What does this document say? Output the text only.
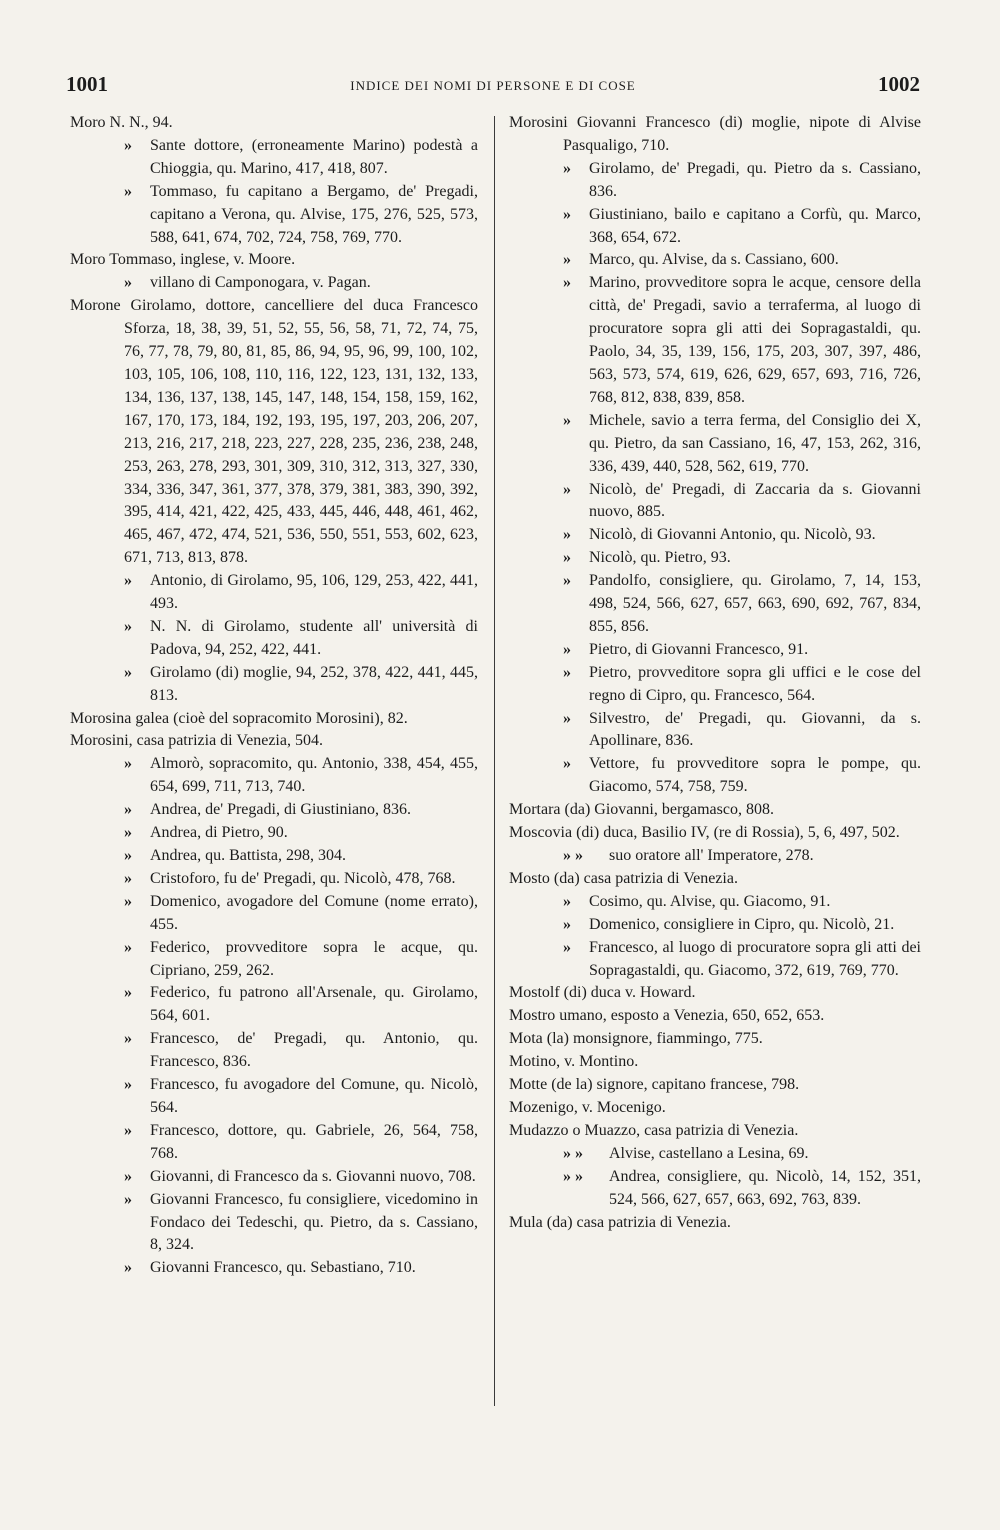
1001	INDICE DEI NOMI DI PERSONE E DI COSE	1002
Moro N. N., 94.
» Sante dottore, (erroneamente Marino) podestà a Chioggia, qu. Marino, 417, 418, 807.
» Tommaso, fu capitano a Bergamo, de' Pregadi, capitano a Verona, qu. Alvise, 175, 276, 525, 573, 588, 641, 674, 702, 724, 758, 769, 770.
Moro Tommaso, inglese, v. Moore.
» villano di Camponogara, v. Pagan.
Morone Girolamo, dottore, cancelliere del duca Francesco Sforza, 18, 38, 39, 51, 52, 55, 56, 58, 71, 72, 74, 75, 76, 77, 78, 79, 80, 81, 85, 86, 94, 95, 96, 99, 100, 102, 103, 105, 106, 108, 110, 116, 122, 123, 131, 132, 133, 134, 136, 137, 138, 145, 147, 148, 154, 158, 159, 162, 167, 170, 173, 184, 192, 193, 195, 197, 203, 206, 207, 213, 216, 217, 218, 223, 227, 228, 235, 236, 238, 248, 253, 263, 278, 293, 301, 309, 310, 312, 313, 327, 330, 334, 336, 347, 361, 377, 378, 379, 381, 383, 390, 392, 395, 414, 421, 422, 425, 433, 445, 446, 448, 461, 462, 465, 467, 472, 474, 521, 536, 550, 551, 553, 602, 623, 671, 713, 813, 878.
» Antonio, di Girolamo, 95, 106, 129, 253, 422, 441, 493.
» N. N. di Girolamo, studente all' università di Padova, 94, 252, 422, 441.
» Girolamo (di) moglie, 94, 252, 378, 422, 441, 445, 813.
Morosina galea (cioè del sopracomito Morosini), 82.
Morosini, casa patrizia di Venezia, 504.
» Almorò, sopracomito, qu. Antonio, 338, 454, 455, 654, 699, 711, 713, 740.
» Andrea, de' Pregadi, di Giustiniano, 836.
» Andrea, di Pietro, 90.
» Andrea, qu. Battista, 298, 304.
» Cristoforo, fu de' Pregadi, qu. Nicolò, 478, 768.
» Domenico, avogadore del Comune (nome errato), 455.
» Federico, provveditore sopra le acque, qu. Cipriano, 259, 262.
» Federico, fu patrono all'Arsenale, qu. Girolamo, 564, 601.
» Francesco, de' Pregadi, qu. Antonio, qu. Francesco, 836.
» Francesco, fu avogadore del Comune, qu. Nicolò, 564.
» Francesco, dottore, qu. Gabriele, 26, 564, 758, 768.
» Giovanni, di Francesco da s. Giovanni nuovo, 708.
» Giovanni Francesco, fu consigliere, vicedomino in Fondaco dei Tedeschi, qu. Pietro, da s. Cassiano, 8, 324.
» Giovanni Francesco, qu. Sebastiano, 710.
Morosini Giovanni Francesco (di) moglie, nipote di Alvise Pasqualigo, 710.
» Girolamo, de' Pregadi, qu. Pietro da s. Cassiano, 836.
» Giustiniano, bailo e capitano a Corfù, qu. Marco, 368, 654, 672.
» Marco, qu. Alvise, da s. Cassiano, 600.
» Marino, provveditore sopra le acque, censore della città, de' Pregadi, savio a terraferma, al luogo di procuratore sopra gli atti dei Sopragastaldi, qu. Paolo, 34, 35, 139, 156, 175, 203, 307, 397, 486, 563, 573, 574, 619, 626, 629, 657, 693, 716, 726, 768, 812, 838, 839, 858.
» Michele, savio a terra ferma, del Consiglio dei X, qu. Pietro, da san Cassiano, 16, 47, 153, 262, 316, 336, 439, 440, 528, 562, 619, 770.
» Nicolò, de' Pregadi, di Zaccaria da s. Giovanni nuovo, 885.
» Nicolò, di Giovanni Antonio, qu. Nicolò, 93.
» Nicolò, qu. Pietro, 93.
» Pandolfo, consigliere, qu. Girolamo, 7, 14, 153, 498, 524, 566, 627, 657, 663, 690, 692, 767, 834, 855, 856.
» Pietro, di Giovanni Francesco, 91.
» Pietro, provveditore sopra gli uffici e le cose del regno di Cipro, qu. Francesco, 564.
» Silvestro, de' Pregadi, qu. Giovanni, da s. Apollinare, 836.
» Vettore, fu provveditore sopra le pompe, qu. Giacomo, 574, 758, 759.
Mortara (da) Giovanni, bergamasco, 808.
Moscovia (di) duca, Basilio IV, (re di Rossia), 5, 6, 497, 502.
» » suo oratore all' Imperatore, 278.
Mosto (da) casa patrizia di Venezia.
» Cosimo, qu. Alvise, qu. Giacomo, 91.
» Domenico, consigliere in Cipro, qu. Nicolò, 21.
» Francesco, al luogo di procuratore sopra gli atti dei Sopragastaldi, qu. Giacomo, 372, 619, 769, 770.
Mostolf (di) duca v. Howard.
Mostro umano, esposto a Venezia, 650, 652, 653.
Mota (la) monsignore, fiammingo, 775.
Motino, v. Montino.
Motte (de la) signore, capitano francese, 798.
Mozenigo, v. Mocenigo.
Mudazzo o Muazzo, casa patrizia di Venezia.
» » Alvise, castellano a Lesina, 69.
» » Andrea, consigliere, qu. Nicolò, 14, 152, 351, 524, 566, 627, 657, 663, 692, 763, 839.
Mula (da) casa patrizia di Venezia.
